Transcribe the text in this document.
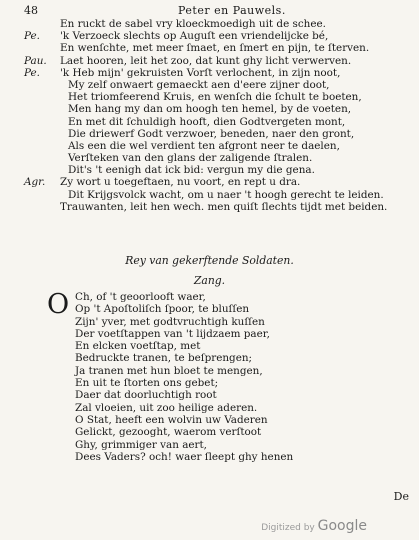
48	Peter en Pauwels.
En ruckt de sabel vry kloeckmoedigh uit de schee.
Pe. 'k Verzoeck slechts op Auguſt een vriendelijcke bé,
En wenſchte, met meer ſmaet, en ſmert en pijn, te ſterven.
Pau. Laet hooren, leit het zoo, dat kunt ghy licht verwerven.
Pe. 'k Heb mijn' gekruisten Vorſt verlochent, in zijn noot,
My zelf onwaert gemaeckt aen d'eere zijner doot,
Het triomfeerend Kruis, en wenſch die ſchult te boeten,
Men hang my dan om hoogh ten hemel, by de voeten,
En met dit ſchuldigh hooft, dien Godtvergeten mont,
Die driewerf Godt verzwoer, beneden, naer den gront,
Als een die wel verdient ten afgront neer te daelen,
Verſteken van den glans der zaligende ſtralen.
Dit's 't eenigh dat ick bid: vergun my die gena.
Agr. Zy wort u toegeftaen, nu voort, en rept u dra.
Dit Krijgsvolck wacht, om u naer 't hoogh gerecht te leiden.
Trauwanten, leit hen wech. men quiſt ſlechts tijdt met beiden.
Rey van gekerftende Soldaten.
Zang.
O Ch, of 't geoorlooft waer,
Op 't Apoſtoliſch ſpoor, te bluſſen
Zijn' yver, met godtvruchtigh kuſſen
Der voetſtappen van 't lijdzaem paer,
En elcken voetſtap, met
Bedruckte tranen, te beſprengen;
Ja tranen met hun bloet te mengen,
En uit te ſtorten ons gebet;
Daer dat doorluchtigh root
Zal vloeien, uit zoo heilige aderen.
O Stat, heeft een wolvin uw Vaderen
Gelickt, gezooght, waerom verſtoot
Ghy, grimmiger van aert,
Dees Vaders? och! waer ſleept ghy henen
De
Digitized by Google
